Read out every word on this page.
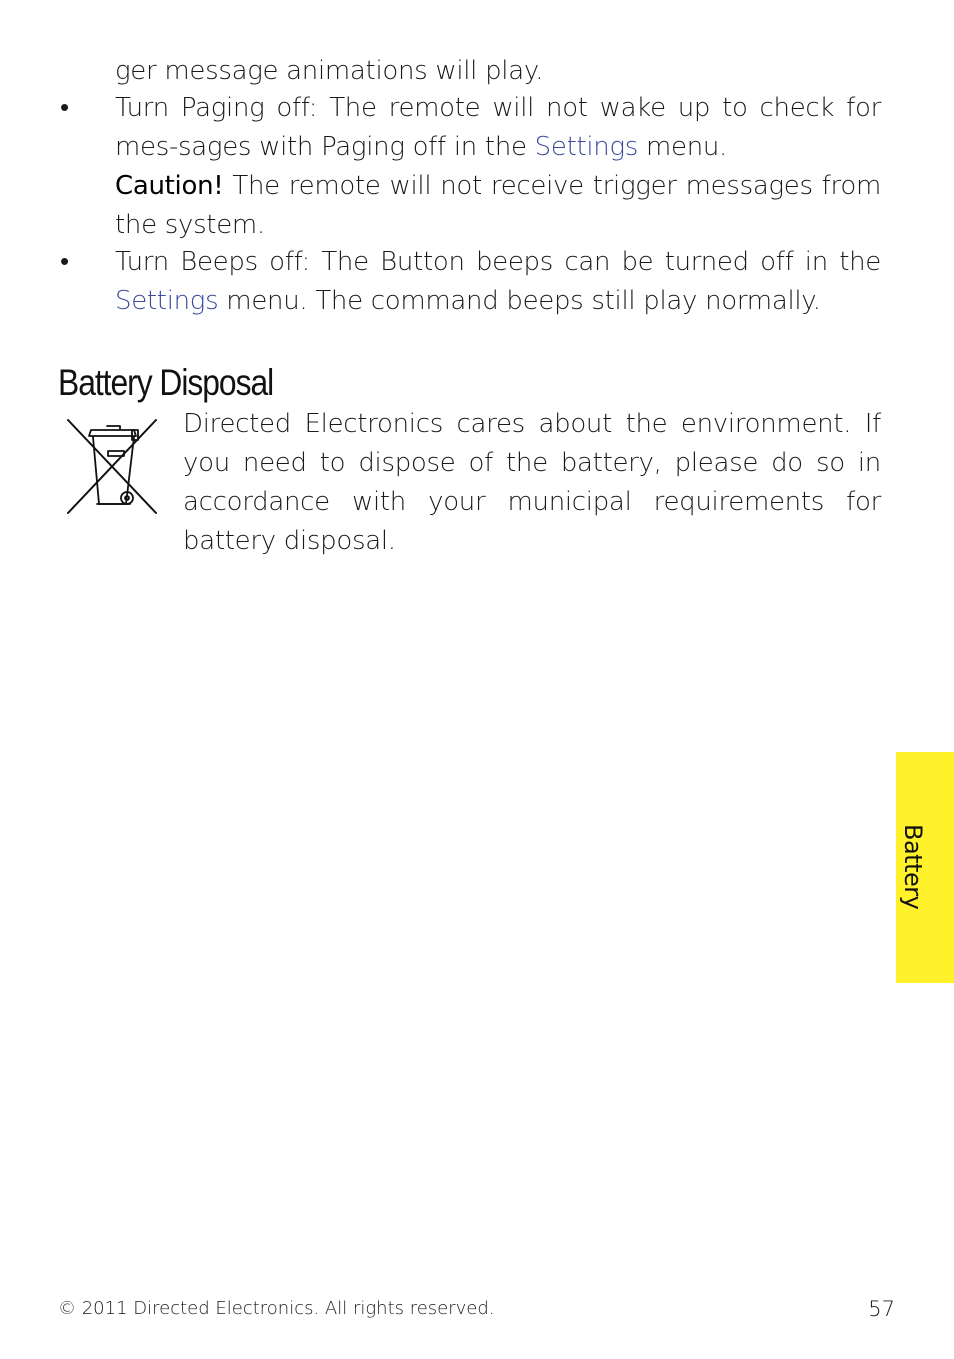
ger message animations will play.
• Turn Paging off: The remote will not wake up to check for mes-sages with Paging off in the Settings menu.
Caution! The remote will not receive trigger messages from the system.
• Turn Beeps off: The Button beeps can be turned off in the Settings menu. The command beeps still play normally.
Battery Disposal
Directed Electronics cares about the environment. If you need to dispose of the battery, please do so in accordance with your municipal requirements for battery disposal.
Battery
© 2011 Directed Electronics. All rights reserved.	57
